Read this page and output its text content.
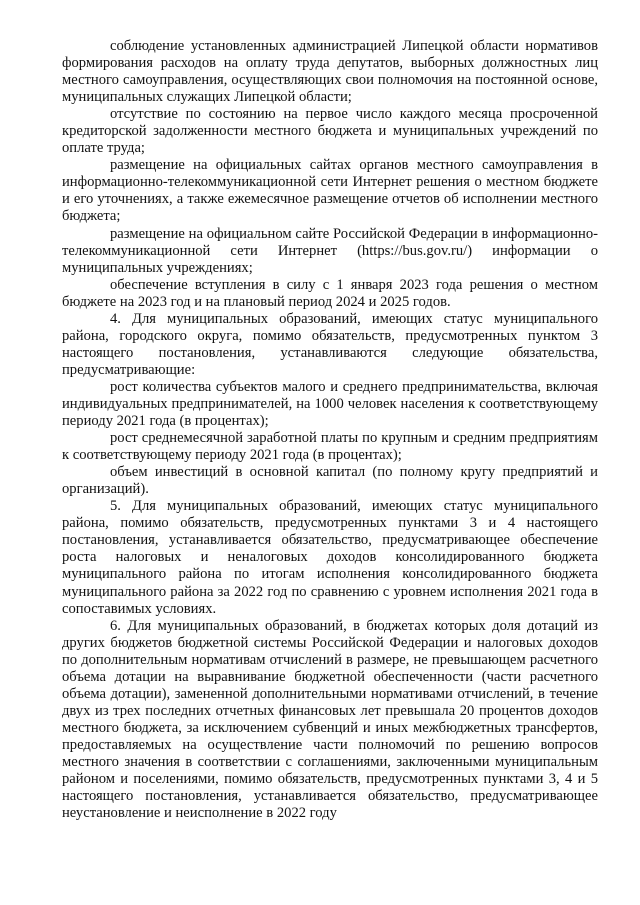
соблюдение установленных администрацией Липецкой области нормативов формирования расходов на оплату труда депутатов, выборных должностных лиц местного самоуправления, осуществляющих свои полномочия на постоянной основе, муниципальных служащих Липецкой области;

отсутствие по состоянию на первое число каждого месяца просроченной кредиторской задолженности местного бюджета и муниципальных учреждений по оплате труда;

размещение на официальных сайтах органов местного самоуправления в информационно-телекоммуникационной сети Интернет решения о местном бюджете и его уточнениях, а также ежемесячное размещение отчетов об исполнении местного бюджета;

размещение на официальном сайте Российской Федерации в информационно-телекоммуникационной сети Интернет (https://bus.gov.ru/) информации о муниципальных учреждениях;

обеспечение вступления в силу с 1 января 2023 года решения о местном бюджете на 2023 год и на плановый период 2024 и 2025 годов.

4. Для муниципальных образований, имеющих статус муниципального района, городского округа, помимо обязательств, предусмотренных пунктом 3 настоящего постановления, устанавливаются следующие обязательства, предусматривающие:

рост количества субъектов малого и среднего предпринимательства, включая индивидуальных предпринимателей, на 1000 человек населения к соответствующему периоду 2021 года (в процентах);

рост среднемесячной заработной платы по крупным и средним предприятиям к соответствующему периоду 2021 года (в процентах);

объем инвестиций в основной капитал (по полному кругу предприятий и организаций).

5. Для муниципальных образований, имеющих статус муниципального района, помимо обязательств, предусмотренных пунктами 3 и 4 настоящего постановления, устанавливается обязательство, предусматривающее обеспечение роста налоговых и неналоговых доходов консолидированного бюджета муниципального района по итогам исполнения консолидированного бюджета муниципального района за 2022 год по сравнению с уровнем исполнения 2021 года в сопоставимых условиях.

6. Для муниципальных образований, в бюджетах которых доля дотаций из других бюджетов бюджетной системы Российской Федерации и налоговых доходов по дополнительным нормативам отчислений в размере, не превышающем расчетного объема дотации на выравнивание бюджетной обеспеченности (части расчетного объема дотации), замененной дополнительными нормативами отчислений, в течение двух из трех последних отчетных финансовых лет превышала 20 процентов доходов местного бюджета, за исключением субвенций и иных межбюджетных трансфертов, предоставляемых на осуществление части полномочий по решению вопросов местного значения в соответствии с соглашениями, заключенными муниципальным районом и поселениями, помимо обязательств, предусмотренных пунктами 3, 4 и 5 настоящего постановления, устанавливается обязательство, предусматривающее неустановление и неисполнение в 2022 году
